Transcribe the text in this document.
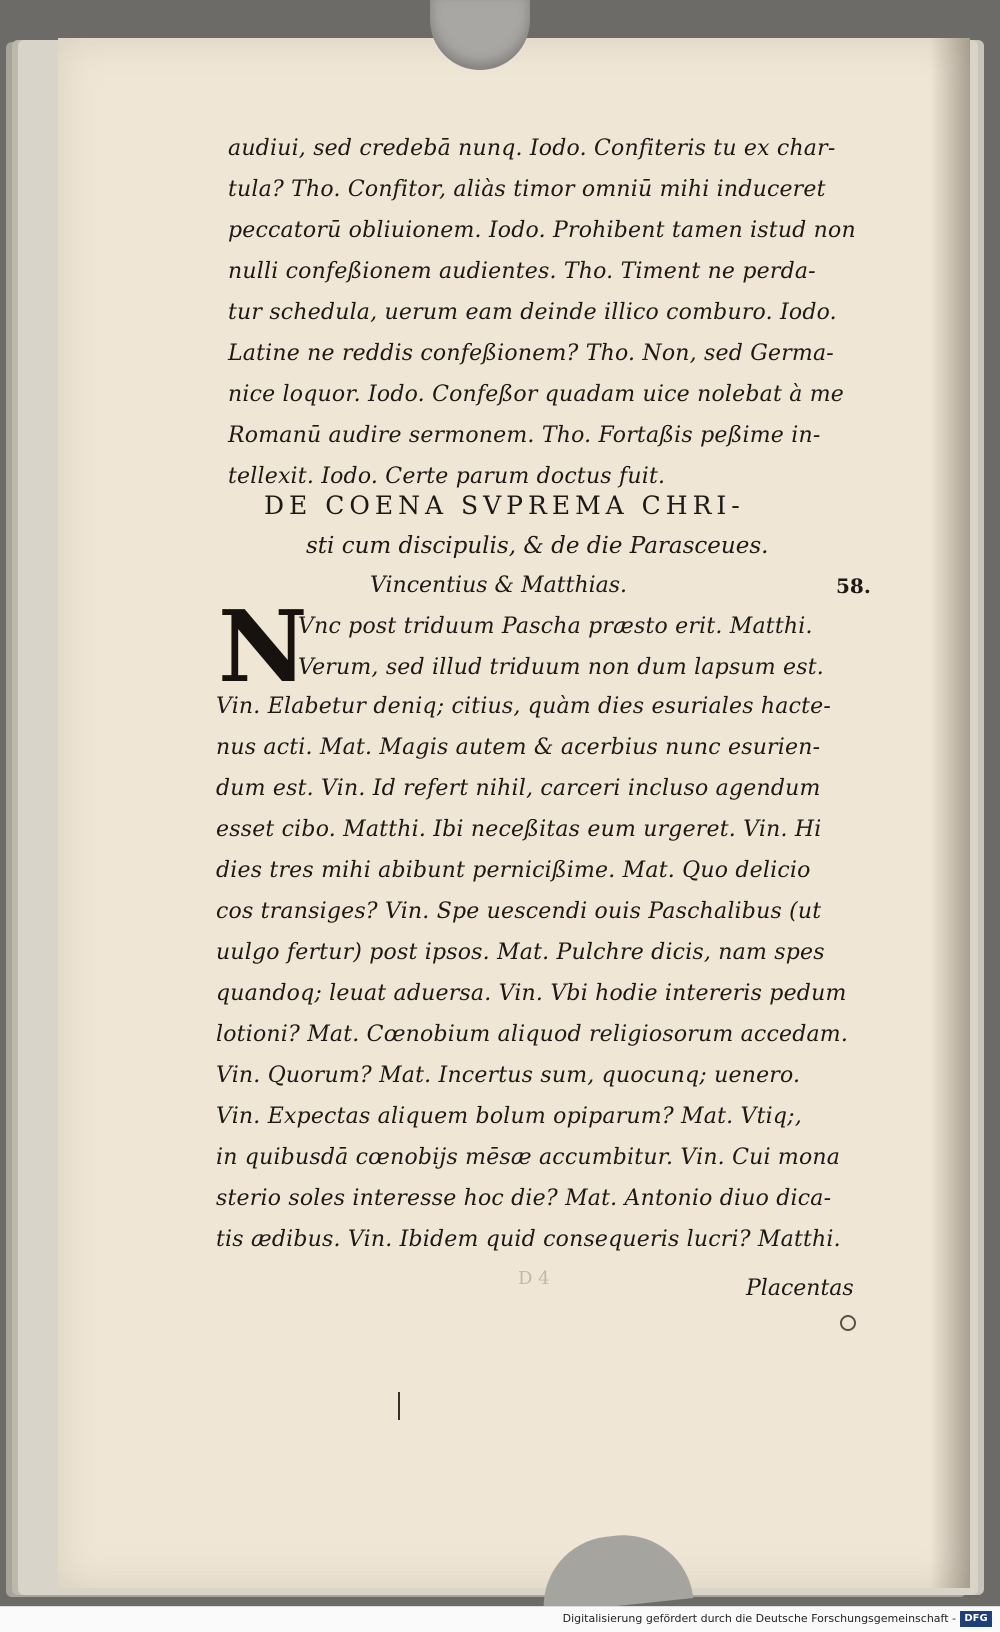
audiui, sed credebā nunq. Iodo. Confiteris tu ex char-
tula? Tho. Confitor, aliàs timor omniū mihi induceret
peccatorū obliuionem. Iodo. Prohibent tamen istud non
nulli confeßionem audientes. Tho. Timent ne perda-
tur schedula, uerum eam deinde illico comburo. Iodo.
Latine ne reddis confeßionem? Tho. Non, sed Germa-
nice loquor. Iodo. Confeßor quadam uice nolebat à me
Romanū audire sermonem. Tho. Fortaßis peßime in-
tellexit. Iodo. Certe parum doctus fuit.
DE COENA SVPREMA CHRI-
sti cum discipulis, & de die Parasceues.
Vincentius & Matthias.	58.
N
Vnc post triduum Pascha præsto erit. Matthi.
Verum, sed illud triduum non dum lapsum est.
Vin. Elabetur deniq; citius, quàm dies esuriales hacte-
nus acti. Mat. Magis autem & acerbius nunc esurien-
dum est. Vin. Id refert nihil, carceri incluso agendum
esset cibo. Matthi. Ibi neceßitas eum urgeret. Vin. Hi
dies tres mihi abibunt pernicißime. Mat. Quo delicio
cos transiges? Vin. Spe uescendi ouis Paschalibus (ut
uulgo fertur) post ipsos. Mat. Pulchre dicis, nam spes
quandoq; leuat aduersa. Vin. Vbi hodie intereris pedum
lotioni? Mat. Cœnobium aliquod religiosorum accedam.
Vin. Quorum? Mat. Incertus sum, quocunq; uenero.
Vin. Expectas aliquem bolum opiparum? Mat. Vtiq;,
in quibusdā cœnobijs mēsæ accumbitur. Vin. Cui mona
sterio soles interesse hoc die? Mat. Antonio diuo dica-
tis ædibus. Vin. Ibidem quid consequeris lucri? Matthi.
D 4	Placentas
Digitalisierung gefördert durch die Deutsche Forschungsgemeinschaft - DFG
